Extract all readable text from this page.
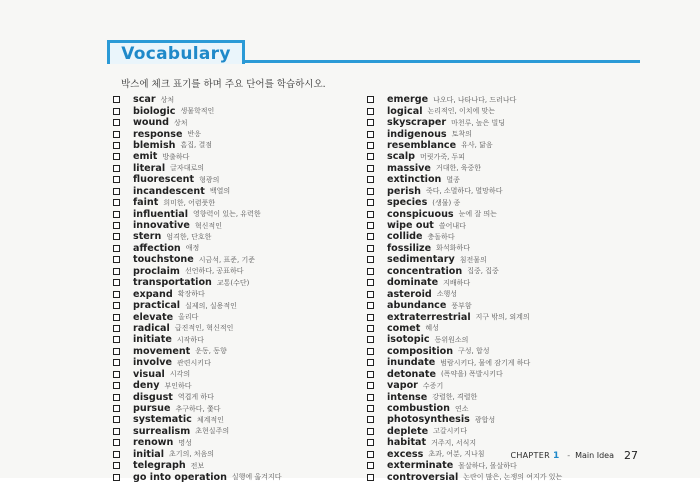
Vocabulary
박스에 체크 표기를 하며 주요 단어를 학습하시오.
scar 상처
biologic 생물학적인
wound 상처
response 반응
blemish 흠집, 결점
emit 방출하다
literal 글자대로의
fluorescent 형광의
incandescent 백열의
faint 희미한, 어렴풋한
influential 영향력이 있는, 유력한
innovative 혁신적인
stern 엄격한, 단호한
affection 애정
touchstone 시금석, 표준, 기준
proclaim 선언하다, 공표하다
transportation 교통(수단)
expand 확장하다
practical 실제의, 실용적인
elevate 올리다
radical 급진적인, 혁신적인
initiate 시작하다
movement 운동, 동향
involve 관련시키다
visual 시각의
deny 부인하다
disgust 역겹게 하다
pursue 추구하다, 쫓다
systematic 체계적인
surrealism 초현실주의
renown 명성
initial 초기의, 처음의
telegraph 전보
go into operation 실행에 옮겨지다
emerge 나오다, 나타나다, 드러나다
logical 논리적인, 이치에 맞는
skyscraper 마천루, 높은 빌딩
indigenous 토착의
resemblance 유사, 닮음
scalp 머릿가죽, 두피
massive 거대한, 육중한
extinction 멸종
perish 죽다, 소멸하다, 멸망하다
species (생물) 종
conspicuous 눈에 잘 띄는
wipe out 쓸어내다
collide 충돌하다
fossilize 화석화하다
sedimentary 침전물의
concentration 집중, 집중
dominate 지배하다
asteroid 소행성
abundance 풍부함
extraterrestrial 지구 밖의, 외계의
comet 혜성
isotopic 동위원소의
composition 구성, 합성
inundate 범람시키다, 물에 잠기게 하다
detonate (폭약을) 폭발시키다
vapor 수증기
intense 강렬한, 격렬한
combustion 연소
photosynthesis 광합성
deplete 고갈시키다
habitat 거주지, 서식지
excess 초과, 여분, 지나침
exterminate 몰살하다, 몰살하다
controversial 논란이 많은, 논쟁의 여지가 있는
CHAPTER 1 - Main Idea 27
